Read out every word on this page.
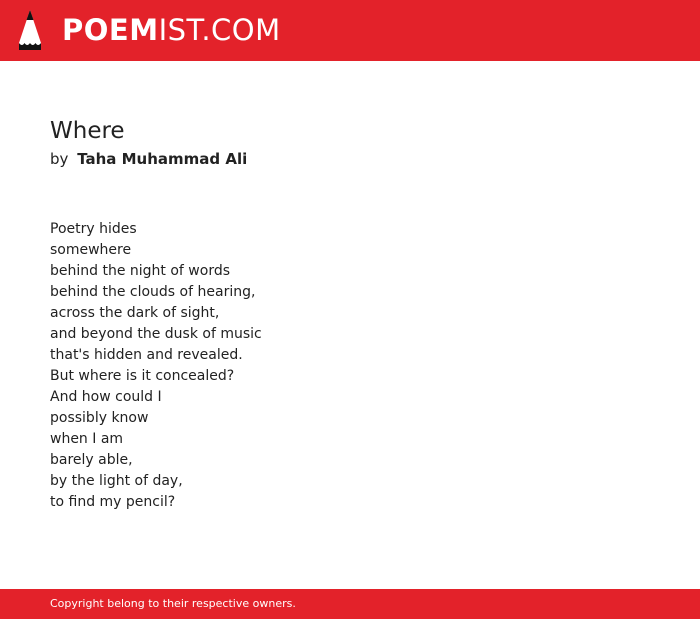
POEMIST.COM
Where
by Taha Muhammad Ali
Poetry hides
somewhere
behind the night of words
behind the clouds of hearing,
across the dark of sight,
and beyond the dusk of music
that's hidden and revealed.
But where is it concealed?
And how could I
possibly know
when I am
barely able,
by the light of day,
to find my pencil?
Copyright belong to their respective owners.
